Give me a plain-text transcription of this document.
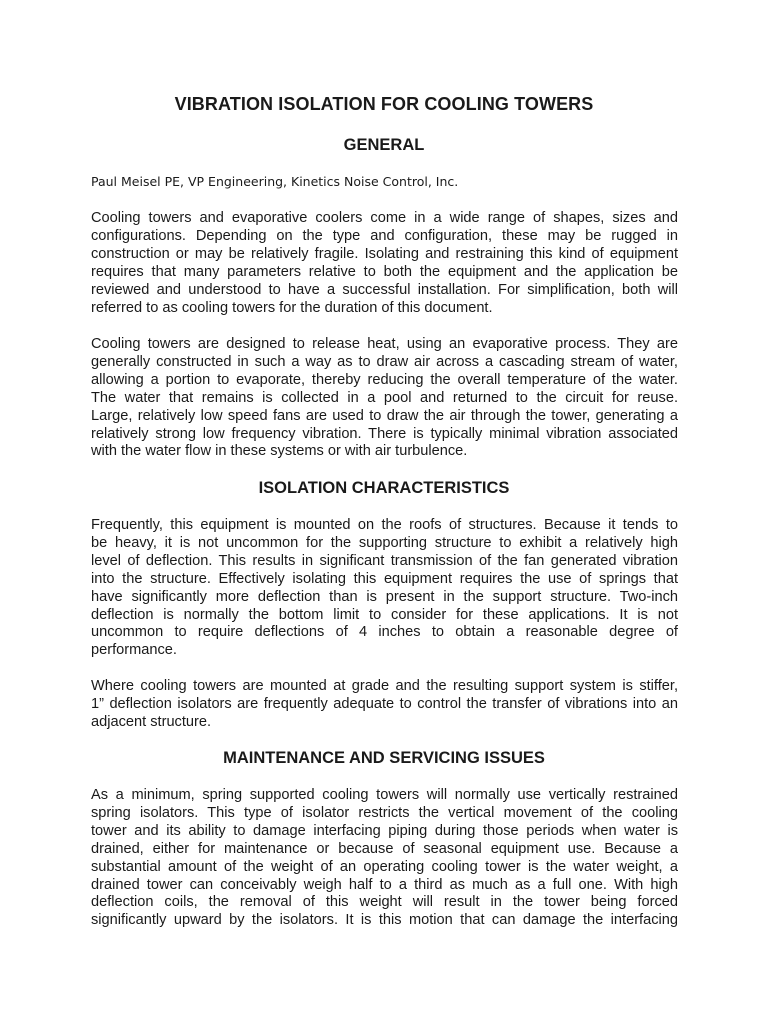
VIBRATION ISOLATION FOR COOLING TOWERS
GENERAL
Paul Meisel PE, VP Engineering, Kinetics Noise Control, Inc.
Cooling towers and evaporative coolers come in a wide range of shapes, sizes and
configurations. Depending on the type and configuration, these may be rugged in
construction or may be relatively fragile. Isolating and restraining this kind of equipment
requires that many parameters relative to both the equipment and the application be
reviewed and understood to have a successful installation. For simplification, both will
referred to as cooling towers for the duration of this document.
Cooling towers are designed to release heat, using an evaporative process. They are
generally constructed in such a way as to draw air across a cascading stream of water,
allowing a portion to evaporate, thereby reducing the overall temperature of the water.
The water that remains is collected in a pool and returned to the circuit for reuse.
Large, relatively low speed fans are used to draw the air through the tower, generating a
relatively strong low frequency vibration. There is typically minimal vibration associated
with the water flow in these systems or with air turbulence.
ISOLATION CHARACTERISTICS
Frequently, this equipment is mounted on the roofs of structures. Because it tends to
be heavy, it is not uncommon for the supporting structure to exhibit a relatively high
level of deflection. This results in significant transmission of the fan generated vibration
into the structure. Effectively isolating this equipment requires the use of springs that
have significantly more deflection than is present in the support structure. Two-inch
deflection is normally the bottom limit to consider for these applications. It is not
uncommon to require deflections of 4 inches to obtain a reasonable degree of
performance.
Where cooling towers are mounted at grade and the resulting support system is stiffer,
1” deflection isolators are frequently adequate to control the transfer of vibrations into an
adjacent structure.
MAINTENANCE AND SERVICING ISSUES
As a minimum, spring supported cooling towers will normally use vertically restrained
spring isolators. This type of isolator restricts the vertical movement of the cooling
tower and its ability to damage interfacing piping during those periods when water is
drained, either for maintenance or because of seasonal equipment use. Because a
substantial amount of the weight of an operating cooling tower is the water weight, a
drained tower can conceivably weigh half to a third as much as a full one. With high
deflection coils, the removal of this weight will result in the tower being forced
significantly upward by the isolators. It is this motion that can damage the interfacing
